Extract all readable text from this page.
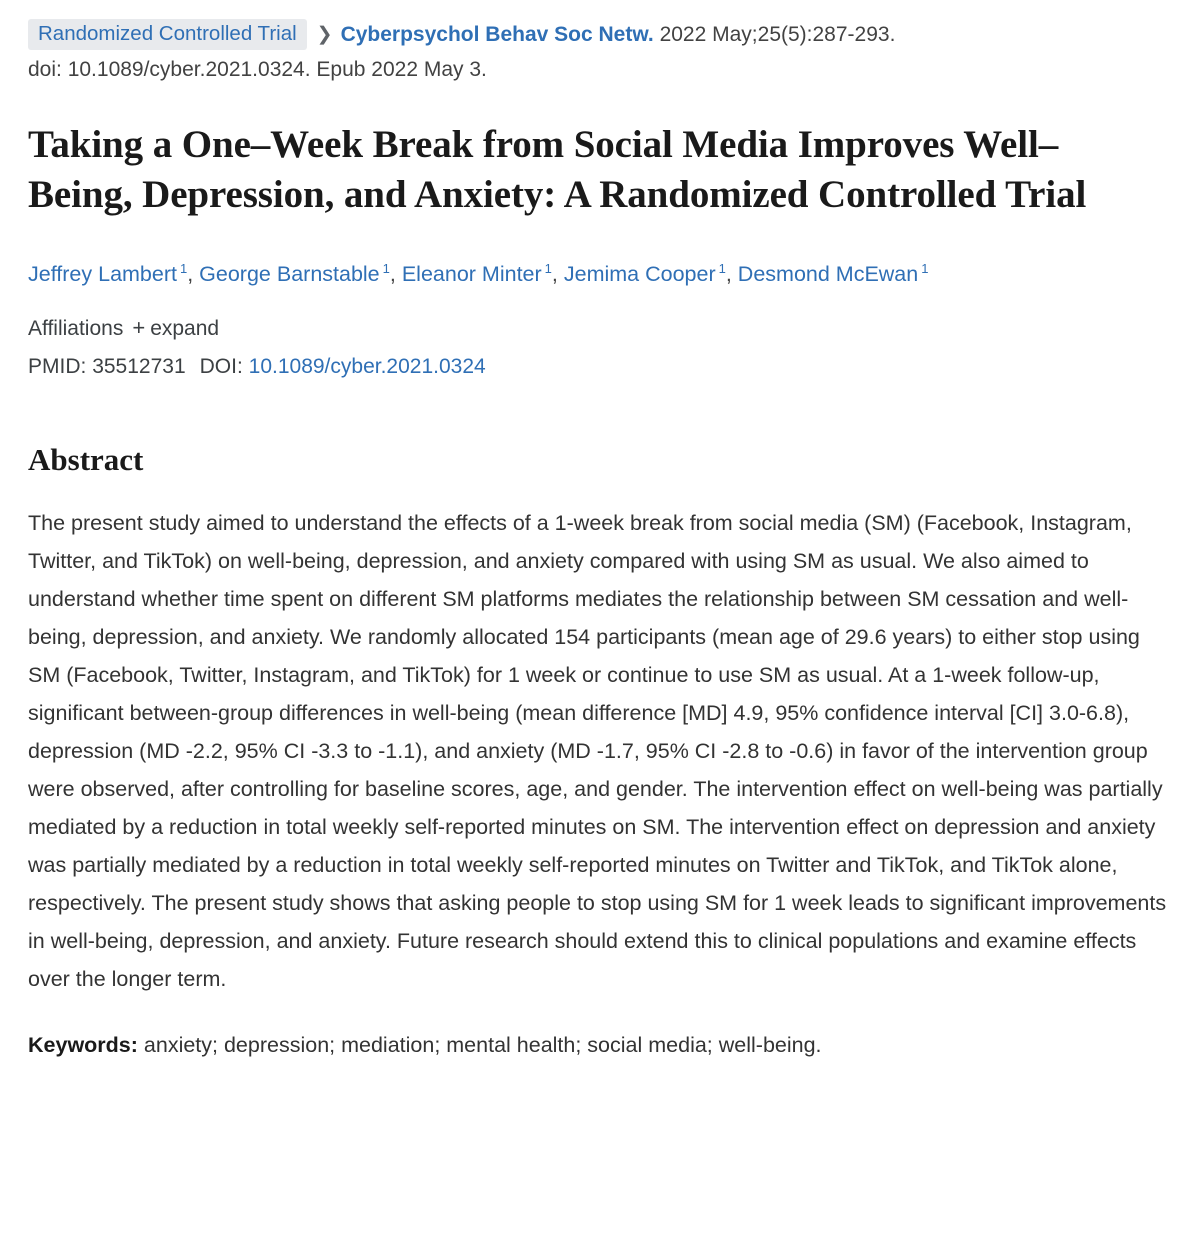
Randomized Controlled Trial ❯ Cyberpsychol Behav Soc Netw. 2022 May;25(5):287-293.
doi: 10.1089/cyber.2021.0324. Epub 2022 May 3.
Taking a One–Week Break from Social Media Improves Well–Being, Depression, and Anxiety: A Randomized Controlled Trial
Jeffrey Lambert $^1$, George Barnstable $^1$, Eleanor Minter $^1$, Jemima Cooper $^1$, Desmond McEwan $^1$
Affiliations + expand
PMID: 35512731 DOI: 10.1089/cyber.2021.0324
Abstract

The present study aimed to understand the effects of a 1-week break from social media (SM) (Facebook, Instagram, Twitter, and TikTok) on well-being, depression, and anxiety compared with using SM as usual. We also aimed to understand whether time spent on different SM platforms mediates the relationship between SM cessation and well-being, depression, and anxiety. We randomly allocated 154 participants (mean age of 29.6 years) to either stop using SM (Facebook, Twitter, Instagram, and TikTok) for 1 week or continue to use SM as usual. At a 1-week follow-up, significant between-group differences in well-being (mean difference [MD] 4.9, 95% confidence interval [CI] 3.0-6.8), depression (MD -2.2, 95% CI -3.3 to -1.1), and anxiety (MD -1.7, 95% CI -2.8 to -0.6) in favor of the intervention group were observed, after controlling for baseline scores, age, and gender. The intervention effect on well-being was partially mediated by a reduction in total weekly self-reported minutes on SM. The intervention effect on depression and anxiety was partially mediated by a reduction in total weekly self-reported minutes on Twitter and TikTok, and TikTok alone, respectively. The present study shows that asking people to stop using SM for 1 week leads to significant improvements in well-being, depression, and anxiety. Future research should extend this to clinical populations and examine effects over the longer term.

Keywords: anxiety; depression; mediation; mental health; social media; well-being.
